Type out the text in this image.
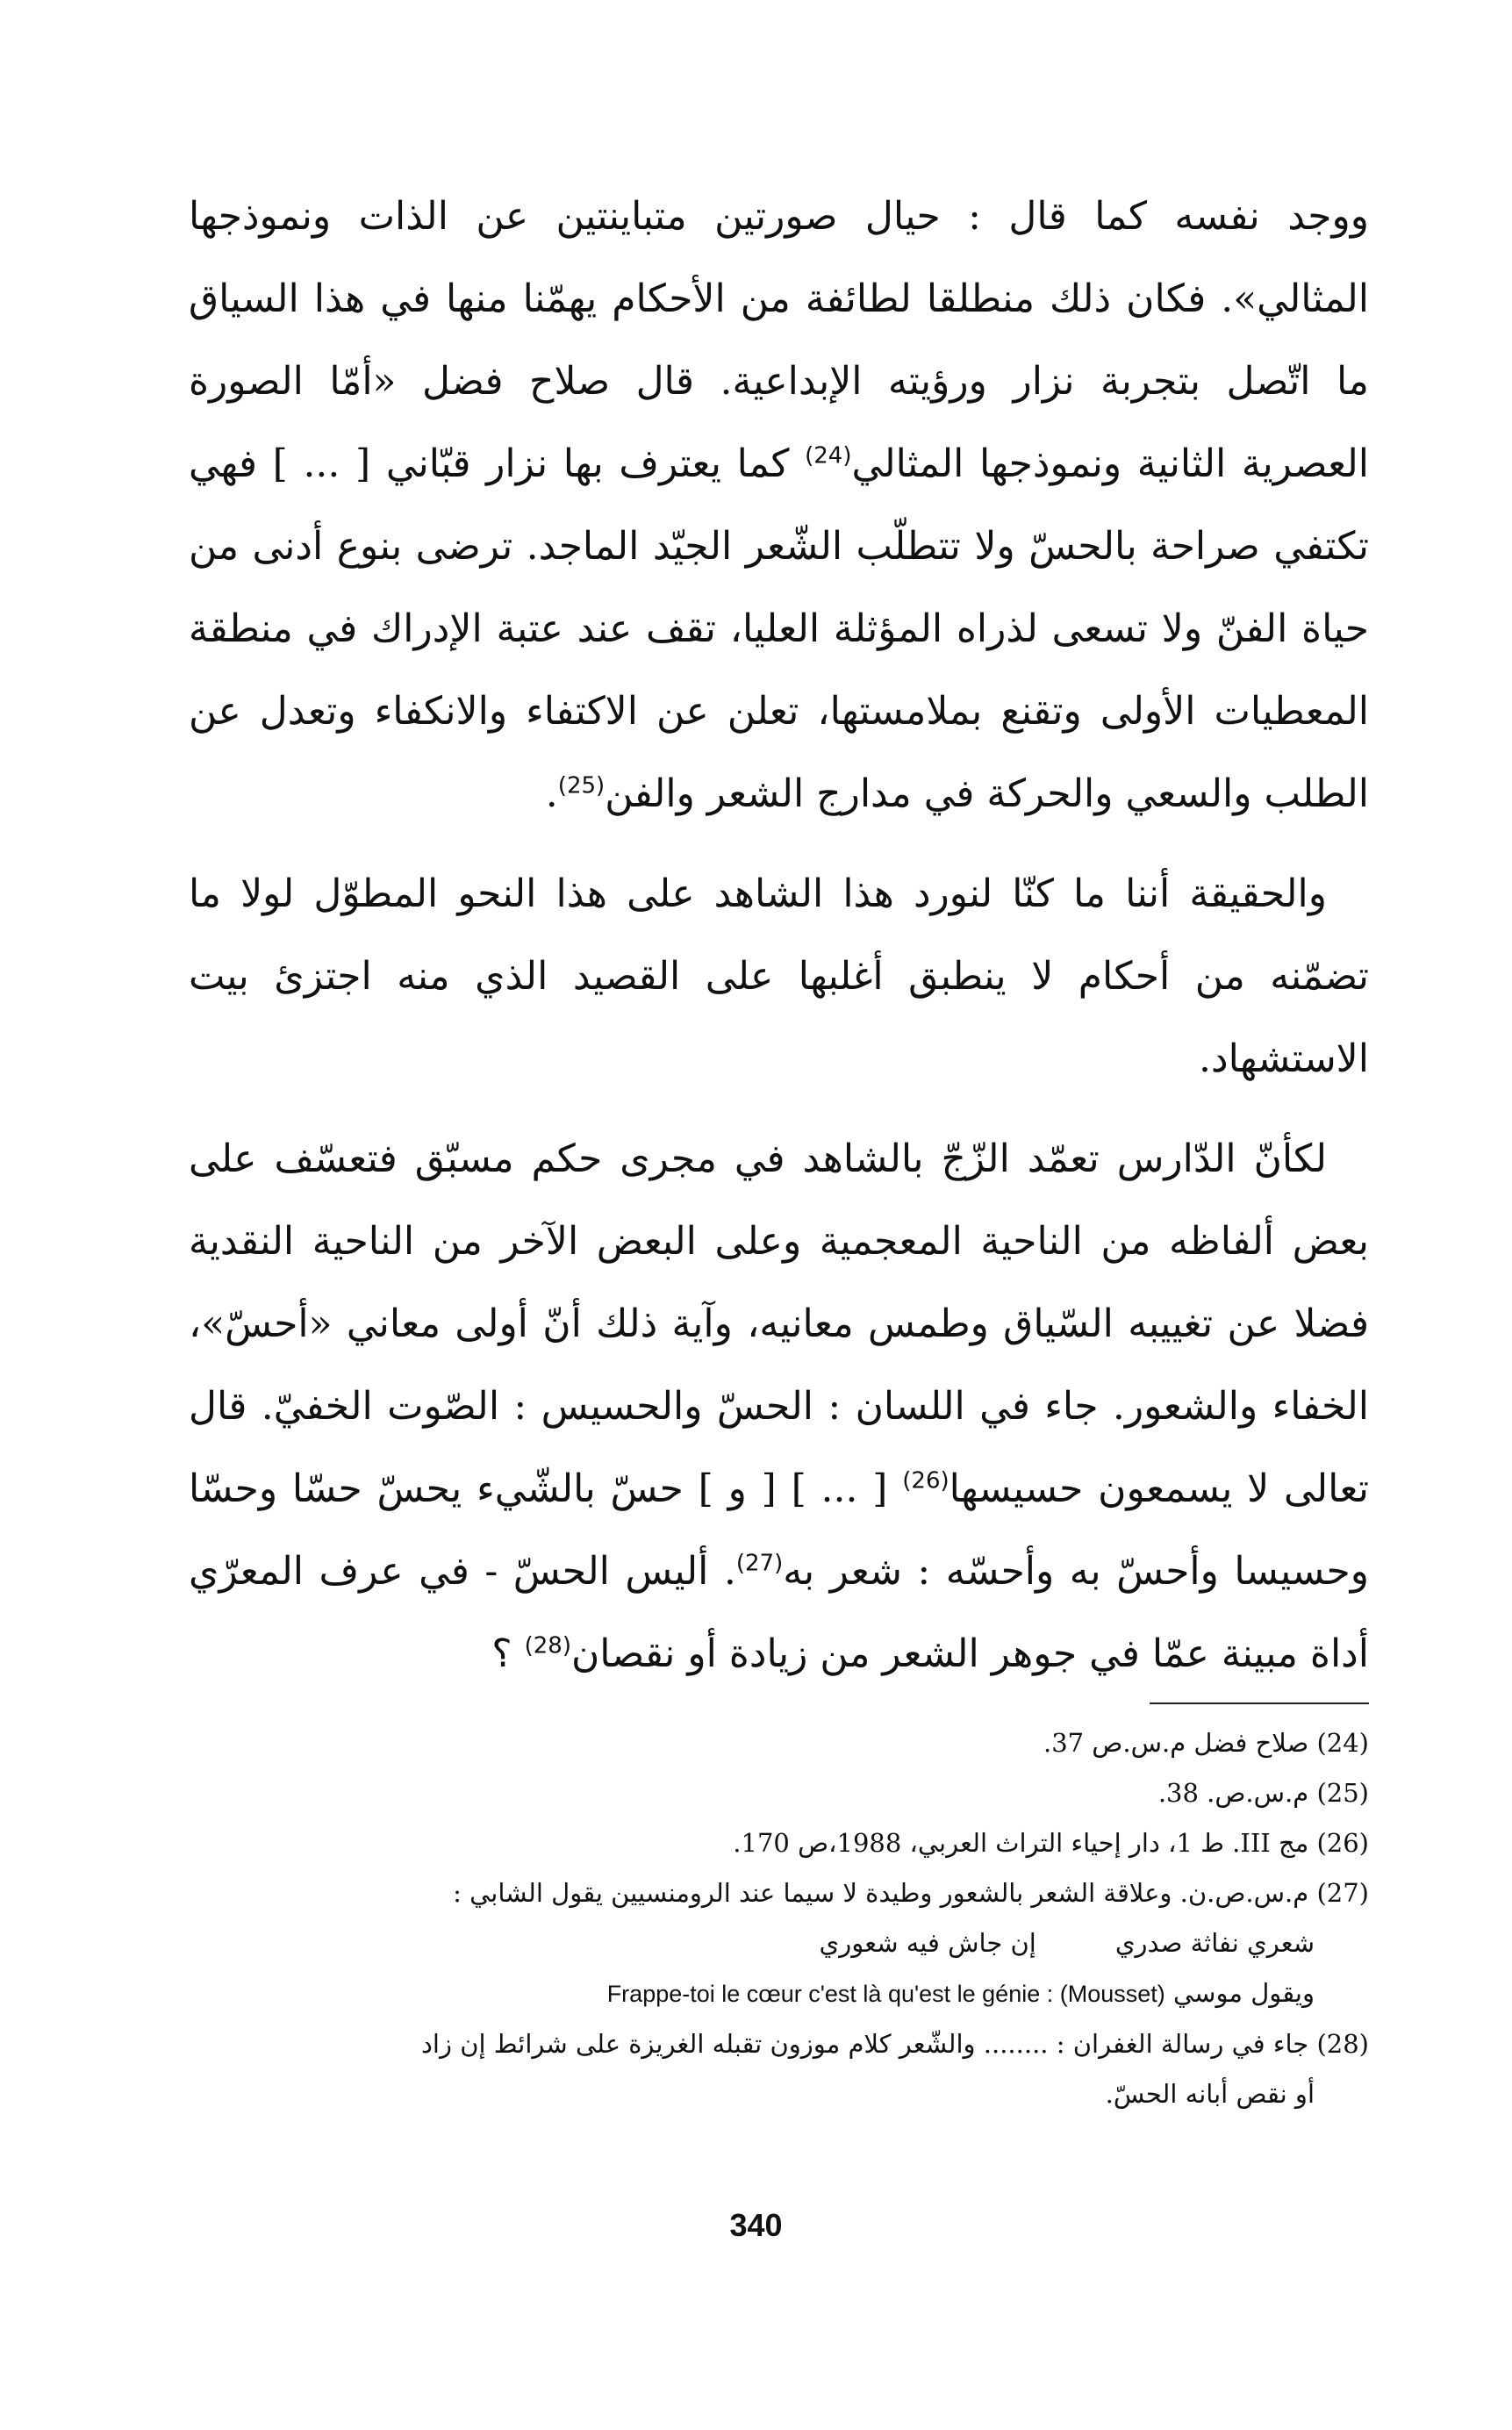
ووجد نفسه كما قال : حيال صورتين متباينتين عن الذات ونموذجها المثالي». فكان ذلك منطلقا لطائفة من الأحكام يهمّنا منها في هذا السياق ما اتّصل بتجربة نزار ورؤيته الإبداعية. قال صلاح فضل «أمّا الصورة العصرية الثانية ونموذجها المثالي$^{(24)}$ كما يعترف بها نزار قبّاني [ ... ] فهي تكتفي صراحة بالحسّ ولا تتطلّب الشّعر الجيّد الماجد. ترضى بنوع أدنى من حياة الفنّ ولا تسعى لذراه المؤثلة العليا، تقف عند عتبة الإدراك في منطقة المعطيات الأولى وتقنع بملامستها، تعلن عن الاكتفاء والانكفاء وتعدل عن الطلب والسعي والحركة في مدارج الشعر والفن$^{(25)}$.

والحقيقة أننا ما كنّا لنورد هذا الشاهد على هذا النحو المطوّل لولا ما تضمّنه من أحكام لا ينطبق أغلبها على القصيد الذي منه اجتزئ بيت الاستشهاد.

لكأنّ الدّارس تعمّد الزّجّ بالشاهد في مجرى حكم مسبّق فتعسّف على بعض ألفاظه من الناحية المعجمية وعلى البعض الآخر من الناحية النقدية فضلا عن تغييبه السّياق وطمس معانيه، وآية ذلك أنّ أولى معاني «أحسّ»، الخفاء والشعور. جاء في اللسان : الحسّ والحسيس : الصّوت الخفيّ. قال تعالى لا يسمعون حسيسها$^{(26)}$ [ ... ] [ و ] حسّ بالشّيء يحسّ حسّا وحسّا وحسيسا وأحسّ به وأحسّه : شعر به$^{(27)}$. أليس الحسّ - في عرف المعرّي أداة مبينة عمّا في جوهر الشعر من زيادة أو نقصان$^{(28)}$ ؟

(24) صلاح فضل م.س.ص 37.

(25) م.س.ص. 38.

(26) مج III. ط 1، دار إحياء التراث العربي، 1988،ص 170.

(27) م.س.ص.ن. وعلاقة الشعر بالشعور وطيدة لا سيما عند الرومنسيين يقول الشابي :

شعري نفاثة صدري
إن جاش فيه شعوري

ويقول موسي Frappe-toi le cœur c'est là qu'est le génie : (Mousset)

(28) جاء في رسالة الغفران : ........ والشّعر كلام موزون تقبله الغريزة على شرائط إن زاد

أو نقص أبانه الحسّ.

340
